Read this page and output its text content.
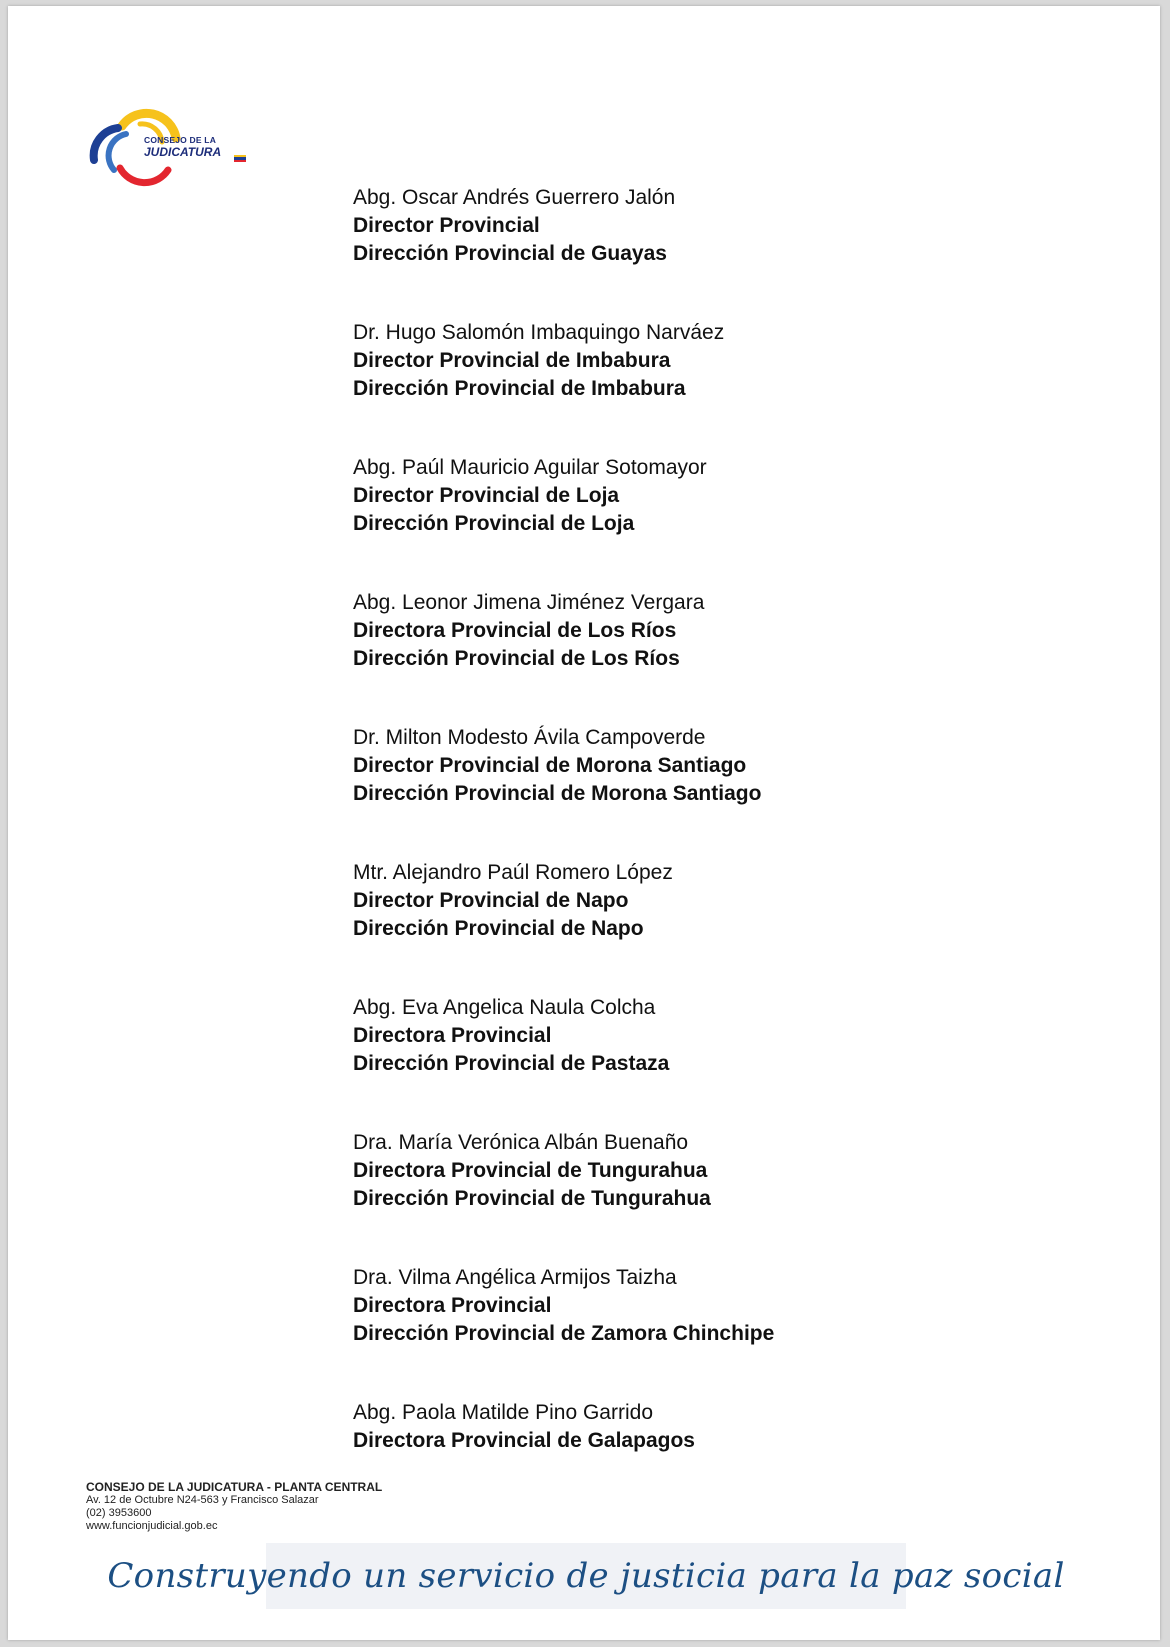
CONSEJO DE LA
JUDICATURA
Abg. Oscar Andrés Guerrero Jalón
Director Provincial
Dirección Provincial de Guayas
Dr. Hugo Salomón Imbaquingo Narváez
Director Provincial de Imbabura
Dirección Provincial de Imbabura
Abg. Paúl Mauricio Aguilar Sotomayor
Director Provincial de Loja
Dirección Provincial de Loja
Abg. Leonor Jimena Jiménez Vergara
Directora Provincial de Los Ríos
Dirección Provincial de Los Ríos
Dr. Milton Modesto Ávila Campoverde
Director Provincial de Morona Santiago
Dirección Provincial de Morona Santiago
Mtr. Alejandro Paúl Romero López
Director Provincial de Napo
Dirección Provincial de Napo
Abg. Eva Angelica Naula Colcha
Directora Provincial
Dirección Provincial de Pastaza
Dra. María Verónica Albán Buenaño
Directora Provincial de Tungurahua
Dirección Provincial de Tungurahua
Dra. Vilma Angélica Armijos Taizha
Directora Provincial
Dirección Provincial de Zamora Chinchipe
Abg. Paola Matilde Pino Garrido
Directora Provincial de Galapagos
CONSEJO DE LA JUDICATURA - PLANTA CENTRAL
Av. 12 de Octubre N24-563 y Francisco Salazar
(02) 3953600
www.funcionjudicial.gob.ec
Construyendo un servicio de justicia para la paz social
